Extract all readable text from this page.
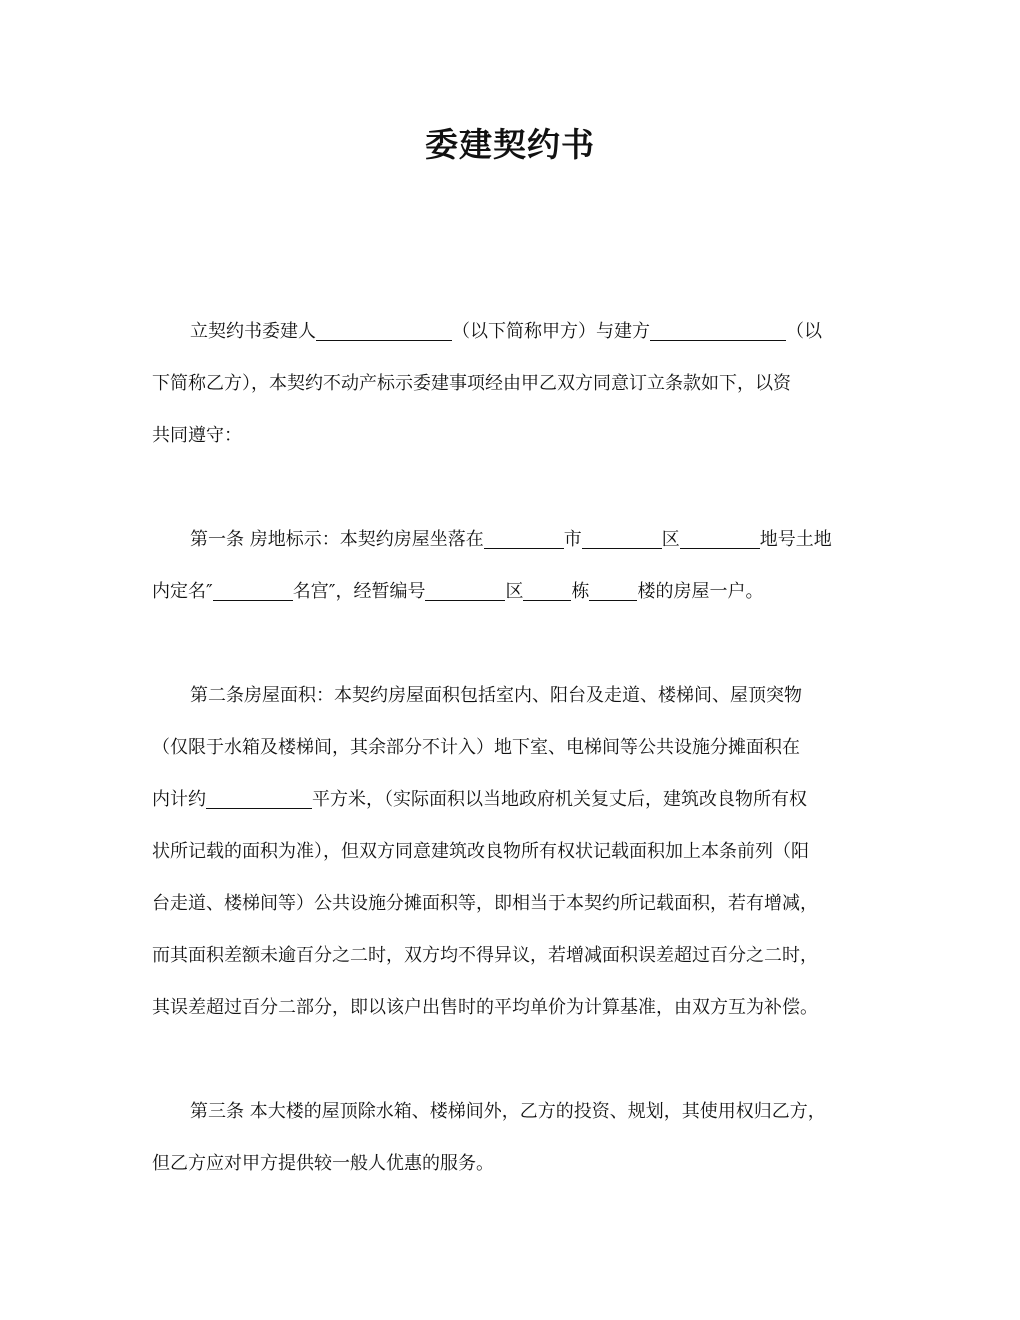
委建契约书
立契约书委建人	（以下简称甲方）与建方	（以
下简称乙方），本契约不动产标示委建事项经由甲乙双方同意订立条款如下，以资
共同遵守：
第一条 房地标示：本契约房屋坐落在	市	区	地号土地
内定名″	名宫″，经暂编号	区	栋	楼的房屋一户。
第二条房屋面积：本契约房屋面积包括室内、阳台及走道、楼梯间、屋顶突物
（仅限于水箱及楼梯间，其余部分不计入）地下室、电梯间等公共设施分摊面积在
内计约	平方米，（实际面积以当地政府机关复丈后，建筑改良物所有权
状所记载的面积为准），但双方同意建筑改良物所有权状记载面积加上本条前列（阳
台走道、楼梯间等）公共设施分摊面积等，即相当于本契约所记载面积，若有增减，
而其面积差额未逾百分之二时，双方均不得异议，若增减面积误差超过百分之二时，
其误差超过百分二部分，即以该户出售时的平均单价为计算基准，由双方互为补偿。
第三条 本大楼的屋顶除水箱、楼梯间外，乙方的投资、规划，其使用权归乙方，
但乙方应对甲方提供较一般人优惠的服务。
